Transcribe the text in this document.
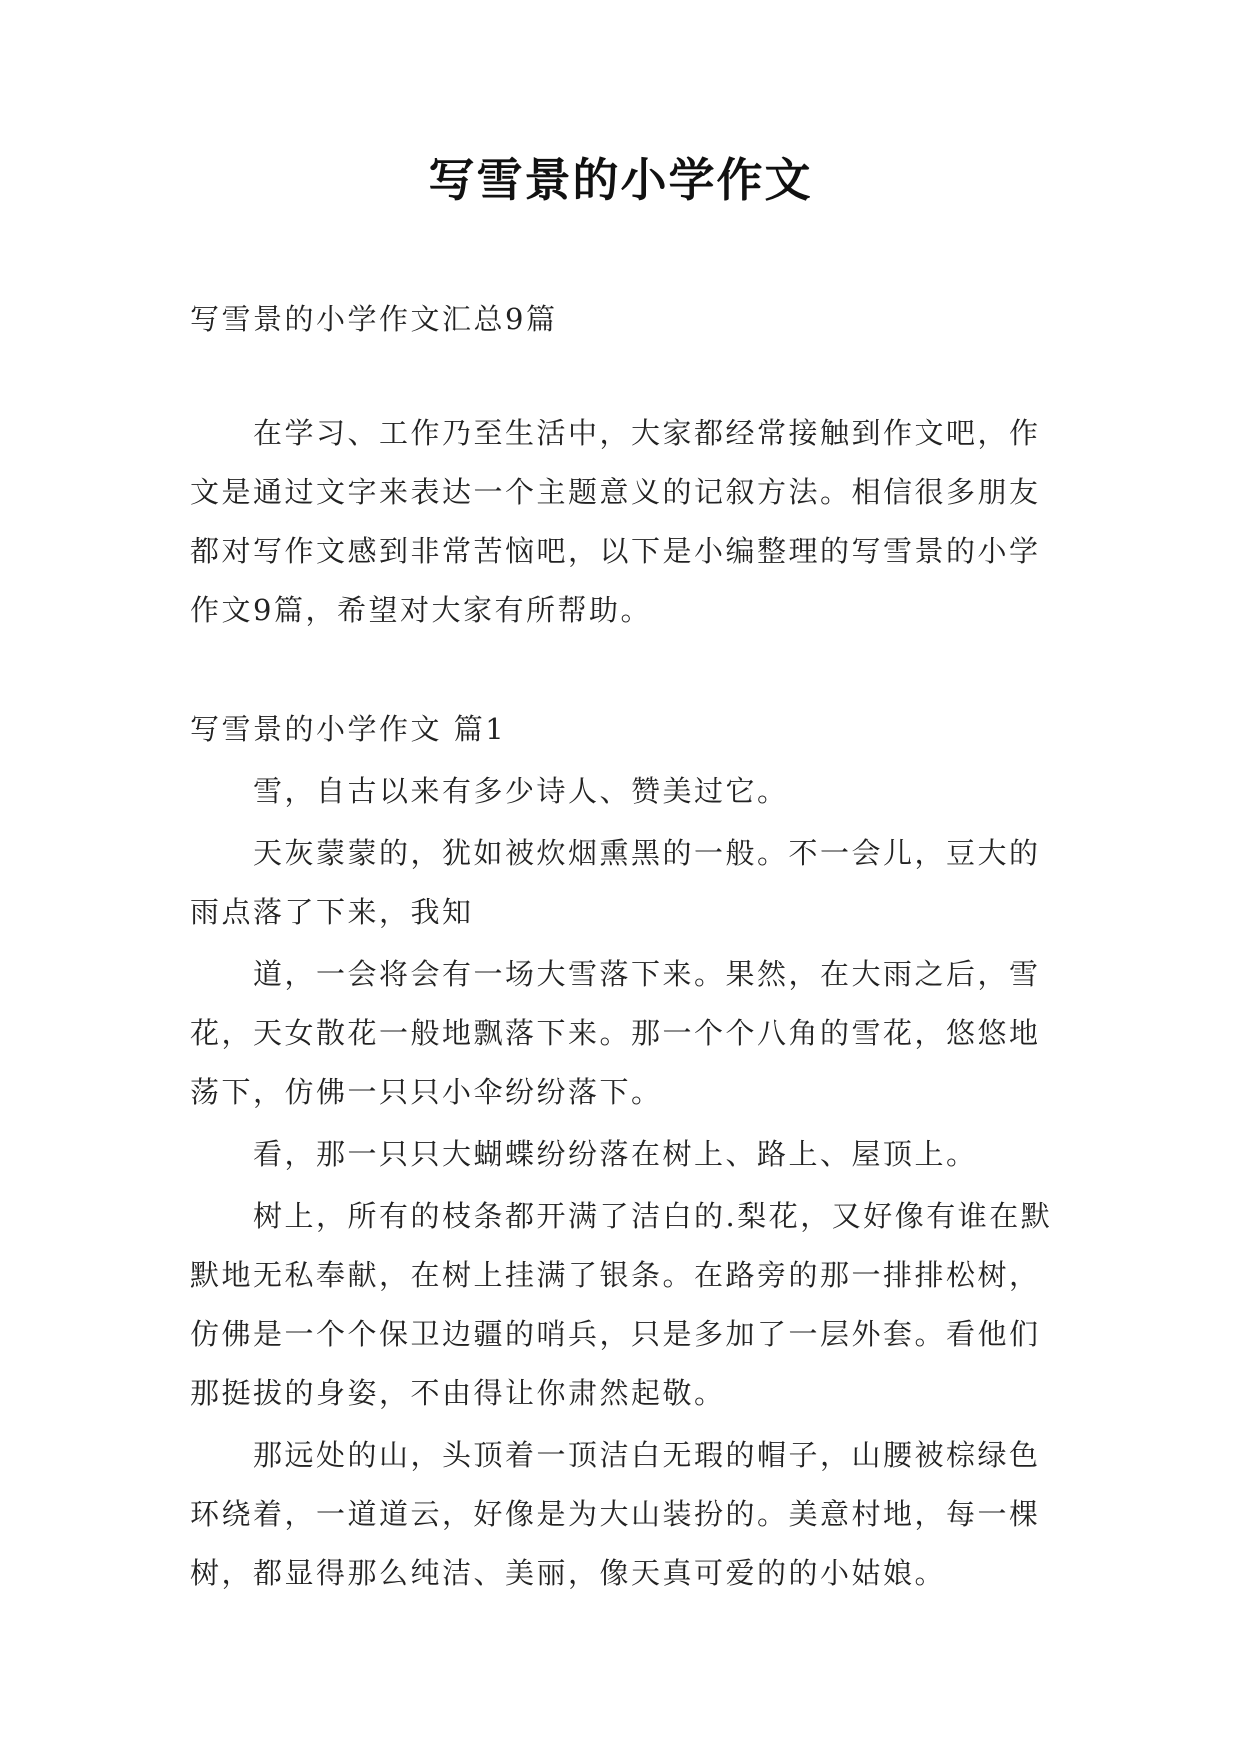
写雪景的小学作文

写雪景的小学作文汇总9篇

在学习、工作乃至生活中，大家都经常接触到作文吧，作文是通过文字来表达一个主题意义的记叙方法。相信很多朋友都对写作文感到非常苦恼吧，以下是小编整理的写雪景的小学作文9篇，希望对大家有所帮助。

写雪景的小学作文 篇1

雪，自古以来有多少诗人、赞美过它。

天灰蒙蒙的，犹如被炊烟熏黑的一般。不一会儿，豆大的雨点落了下来，我知

道，一会将会有一场大雪落下来。果然，在大雨之后，雪花，天女散花一般地飘落下来。那一个个八角的雪花，悠悠地荡下，仿佛一只只小伞纷纷落下。

看，那一只只大蝴蝶纷纷落在树上、路上、屋顶上。

树上，所有的枝条都开满了洁白的.梨花，又好像有谁在默默地无私奉献，在树上挂满了银条。在路旁的那一排排松树，仿佛是一个个保卫边疆的哨兵，只是多加了一层外套。看他们那挺拔的身姿，不由得让你肃然起敬。

那远处的山，头顶着一顶洁白无瑕的帽子，山腰被棕绿色环绕着，一道道云，好像是为大山装扮的。美意村地，每一棵树，都显得那么纯洁、美丽，像天真可爱的的小姑娘。
